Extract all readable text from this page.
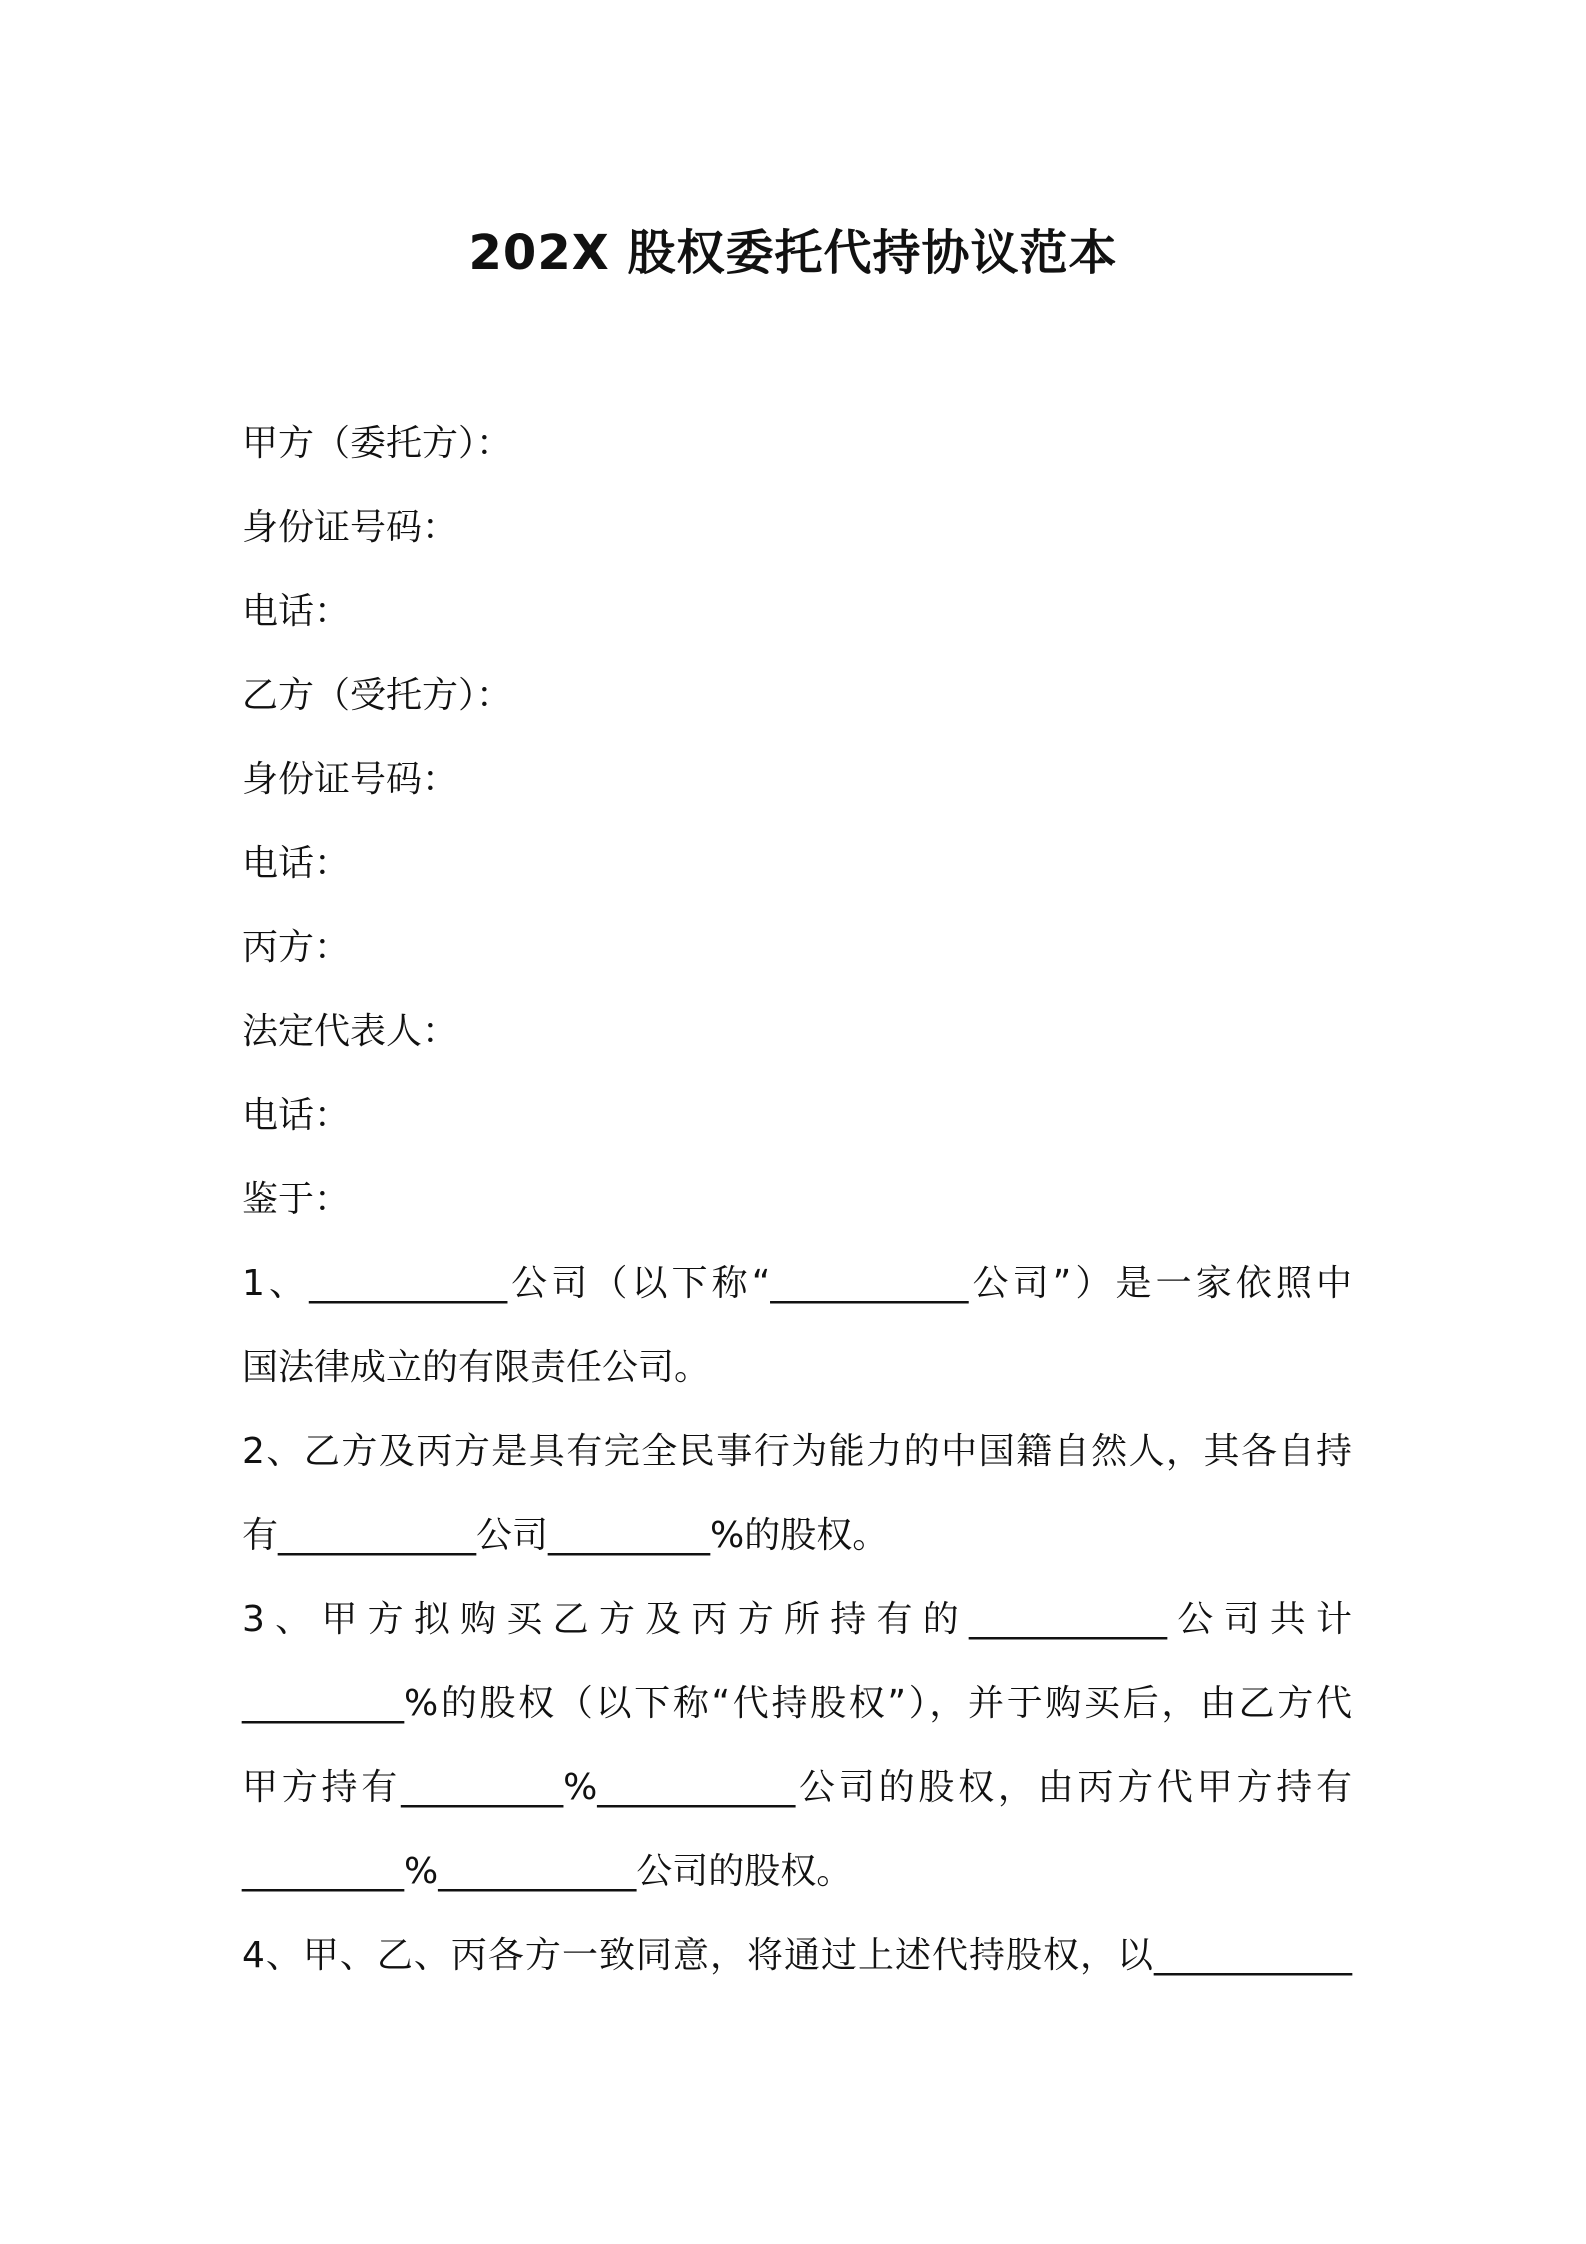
202X 股权委托代持协议范本
甲方（委托方）：
身份证号码：
电话：
乙方（受托方）：
身份证号码：
电话：
丙方：
法定代表人：
电话：
鉴于：
1、___________公司（以下称“___________公司”）是一家依照中
国法律成立的有限责任公司。
2、乙方及丙方是具有完全民事行为能力的中国籍自然人，其各自持
有___________公司_________%的股权。
3、甲方拟购买乙方及丙方所持有的___________公司共计
_________%的股权（以下称“代持股权”），并于购买后，由乙方代
甲方持有_________%___________公司的股权，由丙方代甲方持有
_________%___________公司的股权。
4、甲、乙、丙各方一致同意，将通过上述代持股权，以___________
